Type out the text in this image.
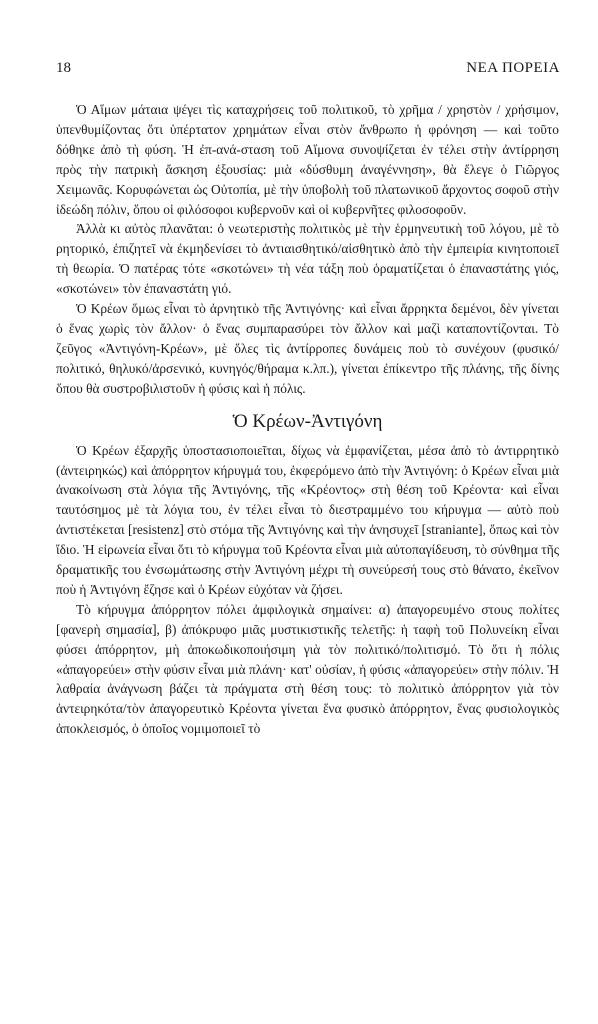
18	ΝΕΑ ΠΟΡΕΙΑ

Ὁ Αἵμων μάταια ψέγει τὶς καταχρήσεις τοῦ πολιτικοῦ, τὸ χρῆμα / χρηστὸν / χρήσιμον, ὑπενθυμίζοντας ὅτι ὑπέρτατον χρημάτων εἶναι στὸν ἄνθρωπο ἡ φρόνηση — καὶ τοῦτο δόθηκε ἀπὸ τὴ φύση. Ἡ ἐπ-ανά-σταση τοῦ Αἵμονα συνοψίζεται ἐν τέλει στὴν ἀντίρρηση πρὸς τὴν πατρικὴ ἄσκηση ἐξουσίας: μιὰ «δύσθυμη ἀναγέννηση», θὰ ἔλεγε ὁ Γιῶργος Χειμωνᾶς. Κορυφώνεται ὡς Οὐτοπία, μὲ τὴν ὑποβολὴ τοῦ πλατωνικοῦ ἄρχοντος σοφοῦ στὴν ἰδεώδη πόλιν, ὅπου οἱ φιλόσοφοι κυβερνοῦν καὶ οἱ κυβερνῆτες φιλοσοφοῦν.

Ἀλλὰ κι αὐτὸς πλανᾶται: ὁ νεωτεριστὴς πολιτικὸς μὲ τὴν ἑρμηνευτικὴ τοῦ λόγου, μὲ τὸ ρητορικό, ἐπιζητεῖ νὰ ἐκμηδενίσει τὸ ἀντιαισθητικό/αἰσθητικὸ ἀπὸ τὴν ἐμπειρία κινητοποιεῖ τὴ θεωρία. Ὁ πατέρας τότε «σκοτώνει» τὴ νέα τάξη ποὺ ὁραματίζεται ὁ ἐπαναστάτης γιός, «σκοτώνει» τὸν ἐπαναστάτη γιό.

Ὁ Κρέων ὅμως εἶναι τὸ ἀρνητικὸ τῆς Ἀντιγόνης· καὶ εἶναι ἄρρηκτα δεμένοι, δὲν γίνεται ὁ ἕνας χωρὶς τὸν ἄλλον· ὁ ἕνας συμπαρασύρει τὸν ἄλλον καὶ μαζὶ καταποντίζονται. Τὸ ζεῦγος «Ἀντιγόνη-Κρέων», μὲ ὅλες τὶς ἀντίρροπες δυνάμεις ποὺ τὸ συνέχουν (φυσικό/πολιτικό, θηλυκό/ἀρσενικό, κυνηγός/θήραμα κ.λπ.), γίνεται ἐπίκεντρο τῆς πλάνης, τῆς δίνης ὅπου θὰ συστροβιλιστοῦν ἡ φύσις καὶ ἡ πόλις.

Ὁ Κρέων-Ἀντιγόνη

Ὁ Κρέων ἐξαρχῆς ὑποστασιοποιεῖται, δίχως νὰ ἐμφανίζεται, μέσα ἀπὸ τὸ ἀντιρρητικὸ (ἀντειρηκώς) καὶ ἀπόρρητον κήρυγμά του, ἐκφερόμενο ἀπὸ τὴν Ἀντιγόνη: ὁ Κρέων εἶναι μιὰ ἀνακοίνωση στὰ λόγια τῆς Ἀντιγόνης, τῆς «Κρέοντος» στὴ θέση τοῦ Κρέοντα· καὶ εἶναι ταυτόσημος μὲ τὰ λόγια του, ἐν τέλει εἶναι τὸ διεστραμμένο του κήρυγμα — αὐτὸ ποὺ ἀντιστέκεται [resistenz] στὸ στόμα τῆς Ἀντιγόνης καὶ τὴν ἀνησυχεῖ [straniante], ὅπως καὶ τὸν ἴδιο. Ἡ εἰρωνεία εἶναι ὅτι τὸ κήρυγμα τοῦ Κρέοντα εἶναι μιὰ αὐτοπαγίδευση, τὸ σύνθημα τῆς δραματικῆς του ἐνσωμάτωσης στὴν Ἀντιγόνη μέχρι τὴ συνεύρεσή τους στὸ θάνατο, ἐκεῖνον ποὺ ἡ Ἀντιγόνη ἔζησε καὶ ὁ Κρέων εὐχόταν νὰ ζήσει.

Τὸ κήρυγμα ἀπόρρητον πόλει ἀμφιλογικὰ σημαίνει: α) ἀπαγορευμένο στους πολίτες [φανερὴ σημασία], β) ἀπόκρυφο μιᾶς μυστικιστικῆς τελετῆς: ἡ ταφὴ τοῦ Πολυνείκη εἶναι φύσει ἀπόρρητον, μὴ ἀποκωδικοποιήσιμη γιὰ τὸν πολιτικό/πολιτισμό. Τὸ ὅτι ἡ πόλις «ἀπαγορεύει» στὴν φύσιν εἶναι μιὰ πλάνη· κατ' οὐσίαν, ἡ φύσις «ἀπαγορεύει» στὴν πόλιν. Ἡ λαθραία ἀνάγνωση βάζει τὰ πράγματα στὴ θέση τους: τὸ πολιτικὸ ἀπόρρητον γιὰ τὸν ἀντειρηκότα/τὸν ἀπαγορευτικὸ Κρέοντα γίνεται ἕνα φυσικὸ ἀπόρρητον, ἕνας φυσιολογικὸς ἀποκλεισμός, ὁ ὁποῖος νομιμοποιεῖ τὸ
